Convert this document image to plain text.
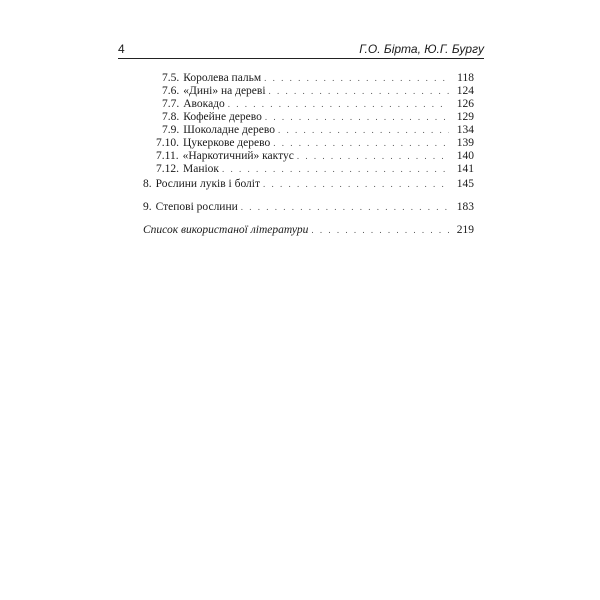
4	Г.О. Бірта, Ю.Г. Бургу
7.5. Королева пальм . . .	118
7.6. «Дині» на дереві . . .	124
7.7. Авокадо . . .	126
7.8. Кофейне дерево . . .	129
7.9. Шоколадне дерево . . .	134
7.10. Цукеркове дерево . . .	139
7.11. «Наркотичний» кактус . . .	140
7.12. Маніок . . .	141
8. Рослини луків і боліт . . .	145
9. Степові рослини . . .	183
Список використаної літератури . . .	219
